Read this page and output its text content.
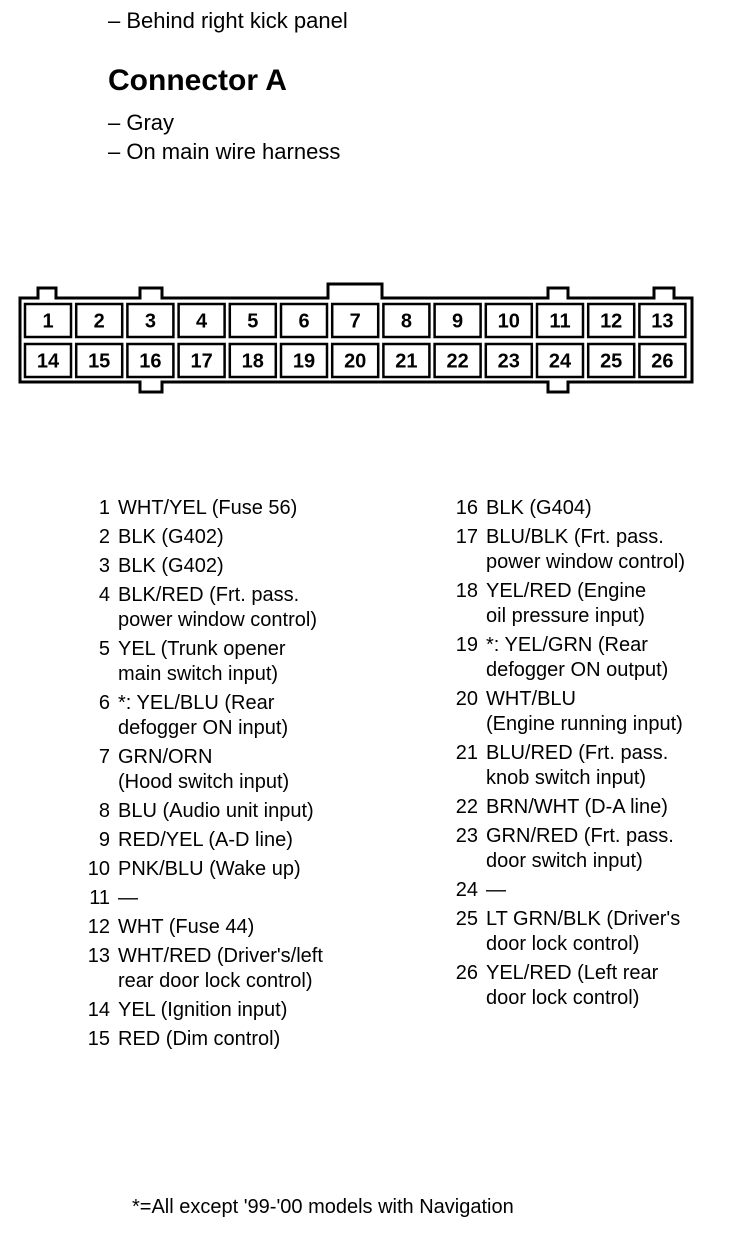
– Behind right kick panel
Connector A
– Gray
– On main wire harness
1 2 3 4 5 6 7 8 9 10 11 12 13
14 15 16 17 18 19 20 21 22 23 24 25 26
1 WHT/YEL (Fuse 56)
2 BLK (G402)
3 BLK (G402)
4 BLK/RED (Frt. pass.
power window control)
5 YEL (Trunk opener
main switch input)
6 *: YEL/BLU (Rear
defogger ON input)
7 GRN/ORN
(Hood switch input)
8 BLU (Audio unit input)
9 RED/YEL (A-D line)
10 PNK/BLU (Wake up)
11 —
12 WHT (Fuse 44)
13 WHT/RED (Driver's/left
rear door lock control)
14 YEL (Ignition input)
15 RED (Dim control)
16 BLK (G404)
17 BLU/BLK (Frt. pass.
power window control)
18 YEL/RED (Engine
oil pressure input)
19 *: YEL/GRN (Rear
defogger ON output)
20 WHT/BLU
(Engine running input)
21 BLU/RED (Frt. pass.
knob switch input)
22 BRN/WHT (D-A line)
23 GRN/RED (Frt. pass.
door switch input)
24 —
25 LT GRN/BLK (Driver's
door lock control)
26 YEL/RED (Left rear
door lock control)
*=All except '99-'00 models with Navigation
